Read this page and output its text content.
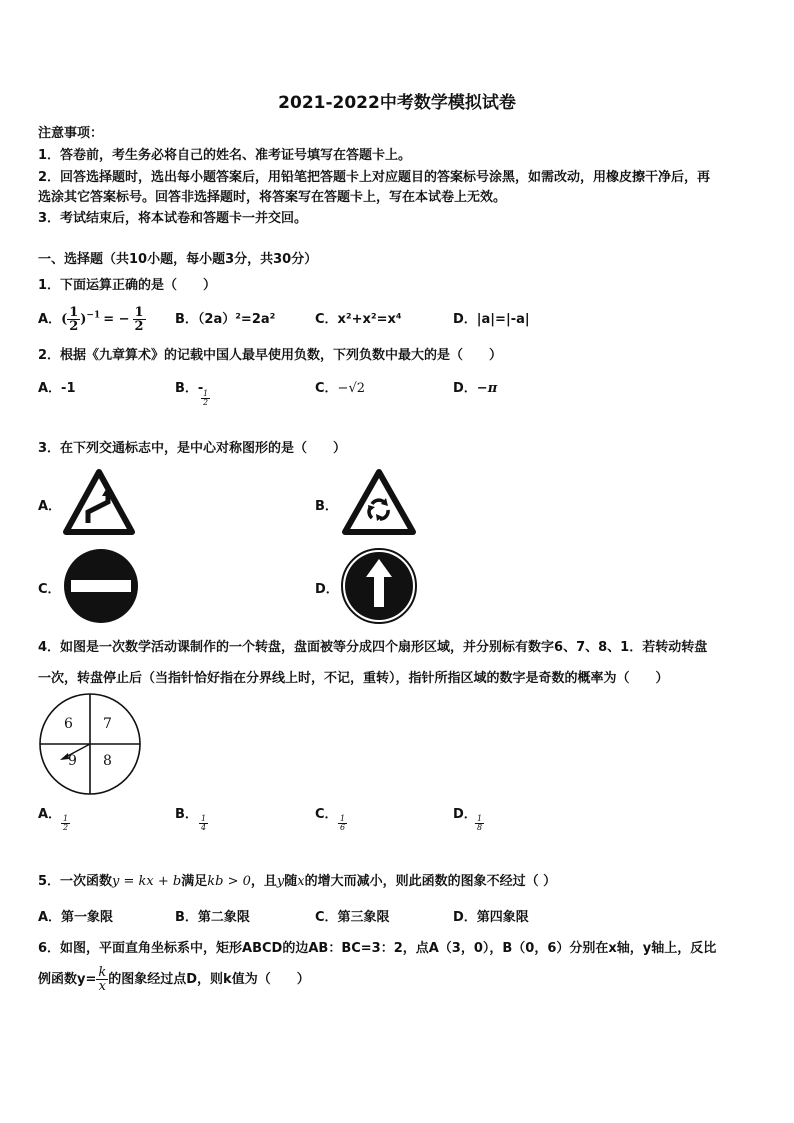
2021-2022中考数学模拟试卷
注意事项：
1．答卷前，考生务必将自己的姓名、准考证号填写在答题卡上。
2．回答选择题时，选出每小题答案后，用铅笔把答题卡上对应题目的答案标号涂黑，如需改动，用橡皮擦干净后，再
选涂其它答案标号。回答非选择题时，将答案写在答题卡上，写在本试卷上无效。
3．考试结束后，将本试卷和答题卡一并交回。
一、选择题（共10小题，每小题3分，共30分）
1．下面运算正确的是（　　）
A．( $\frac{1}{2} )^{-1}$ = − $\frac{1}{2}$ B．（2a）²=2a²	C．x²+x²=x⁴	D．|a|=|-a|
2．根据《九章算术》的记载中国人最早使用负数，下列负数中最大的是（　　）
A．-1	B．-
$\frac{1}{2}$
C．−√2	D．−π
3．在下列交通标志中，是中心对称图形的是（　　）
A．	B．
C．	D．
4．如图是一次数学活动课制作的一个转盘，盘面被等分成四个扇形区域，并分别标有数字6、7、8、1．若转动转盘
一次，转盘停止后（当指针恰好指在分界线上时，不记，重转），指针所指区域的数字是奇数的概率为（　　）
6 7
9 8
A．
$\frac{1}{2}$
B．
$\frac{1}{4}$
C．
$\frac{1}{6}$
D．
$\frac{1}{8}$
5．一次函数y = kx + b满足kb > 0，且y随x的增大而减小，则此函数的图象不经过（ ）
A．第一象限	B．第二象限	C．第三象限	D．第四象限
6．如图，平面直角坐标系中，矩形ABCD的边AB：BC=3：2，点A（3，0），B（0，6）分别在x轴，y轴上，反比
例函数$y= \frac{k}{x}$ 的图象经过点D，则k值为（　　）
